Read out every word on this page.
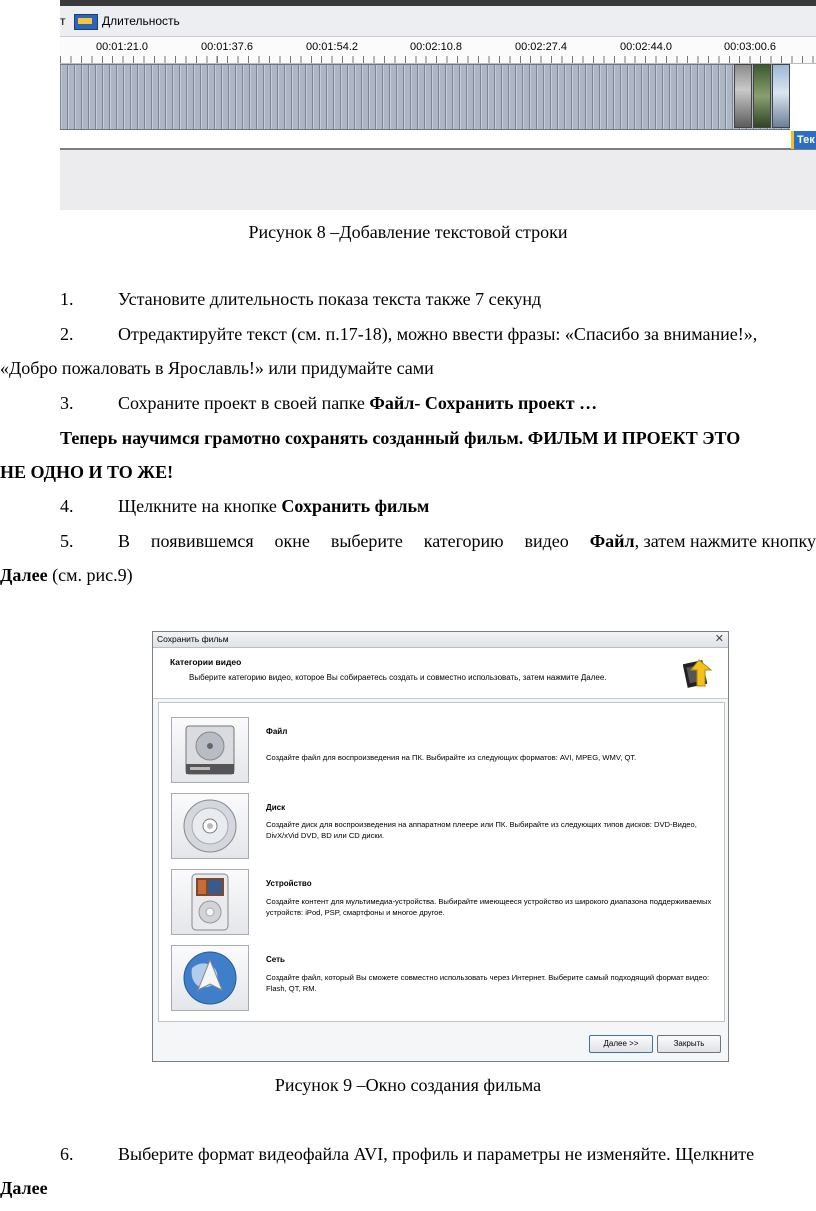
т	Длительность
00:01:21.0	00:01:37.6	00:01:54.2	00:02:10.8	00:02:27.4	00:02:44.0	00:03:00.6
Тек
Рисунок 8 –Добавление текстовой строки
1. Установите длительность показа текста также 7 секунд
2. Отредактируйте текст (см. п.17-18), можно ввести фразы: «Спасибо за внимание!»,
«Добро пожаловать в Ярославль!» или придумайте сами
3. Сохраните проект в своей папке Файл- Сохранить проект …
Теперь научимся грамотно сохранять созданный фильм. ФИЛЬМ И ПРОЕКТ ЭТО
НЕ ОДНО И ТО ЖЕ!
4. Щелкните на кнопке Сохранить фильм
5. В появившемся окне выберите категорию видео Файл, затем нажмите кнопку
Далее (см. рис.9)
Сохранить фильм	✕
Категории видео
Выберите категорию видео, которое Вы собираетесь создать и совместно использовать, затем нажмите Далее.
Файл
Создайте файл для воспроизведения на ПК. Выбирайте из следующих форматов: AVI, MPEG, WMV, QT.
Диск
Создайте диск для воспроизведения на аппаратном плеере или ПК. Выбирайте из следующих типов дисков: DVD-Видео, DivX/xVid DVD, BD или CD диски.
Устройство
Создайте контент для мультимедиа-устройства. Выбирайте имеющееся устройство из широкого диапазона поддерживаемых устройств: iPod, PSP, смартфоны и многое другое.
Сеть
Создайте файл, который Вы сможете совместно использовать через Интернет. Выберите самый подходящий формат видео: Flash, QT, RM.
Далее >>	Закрыть
Рисунок 9 –Окно создания фильма
6. Выберите формат видеофайла AVI, профиль и параметры не изменяйте. Щелкните
Далее
